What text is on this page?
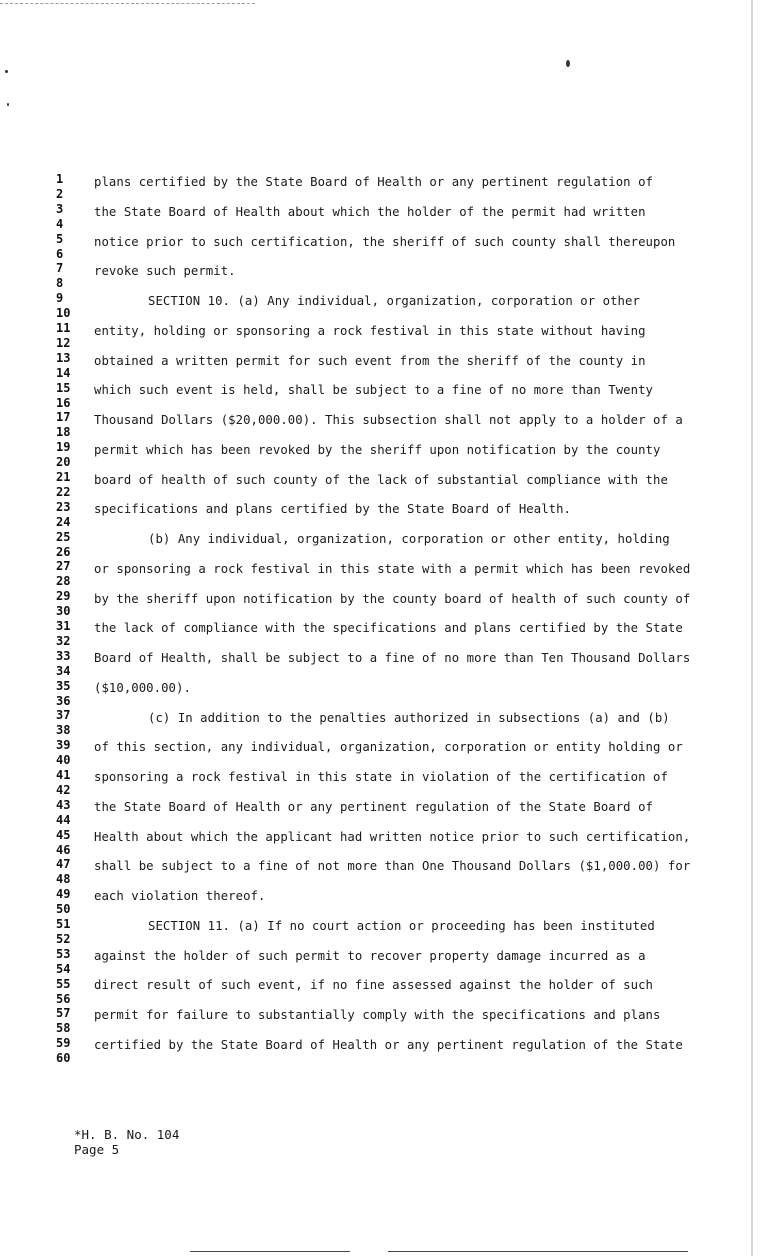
1
2
3
4
5
6
7
8
9
10
11
12
13
14
15
16
17
18
19
20
21
22
23
24
25
26
27
28
29
30
31
32
33
34
35
36
37
38
39
40
41
42
43
44
45
46
47
48
49
50
51
52
53
54
55
56
57
58
59
60
plans certified by the State Board of Health or any pertinent regulation of
the State Board of Health about which the holder of the permit had written
notice prior to such certification, the sheriff of such county shall thereupon
revoke such permit.
SECTION 10. (a) Any individual, organization, corporation or other
entity, holding or sponsoring a rock festival in this state without having
obtained a written permit for such event from the sheriff of the county in
which such event is held, shall be subject to a fine of no more than Twenty
Thousand Dollars ($20,000.00). This subsection shall not apply to a holder of a
permit which has been revoked by the sheriff upon notification by the county
board of health of such county of the lack of substantial compliance with the
specifications and plans certified by the State Board of Health.
(b) Any individual, organization, corporation or other entity, holding
or sponsoring a rock festival in this state with a permit which has been revoked
by the sheriff upon notification by the county board of health of such county of
the lack of compliance with the specifications and plans certified by the State
Board of Health, shall be subject to a fine of no more than Ten Thousand Dollars
($10,000.00).
(c) In addition to the penalties authorized in subsections (a) and (b)
of this section, any individual, organization, corporation or entity holding or
sponsoring a rock festival in this state in violation of the certification of
the State Board of Health or any pertinent regulation of the State Board of
Health about which the applicant had written notice prior to such certification,
shall be subject to a fine of not more than One Thousand Dollars ($1,000.00) for
each violation thereof.
SECTION 11. (a) If no court action or proceeding has been instituted
against the holder of such permit to recover property damage incurred as a
direct result of such event, if no fine assessed against the holder of such
permit for failure to substantially comply with the specifications and plans
certified by the State Board of Health or any pertinent regulation of the State
*H. B. No. 104
Page 5
